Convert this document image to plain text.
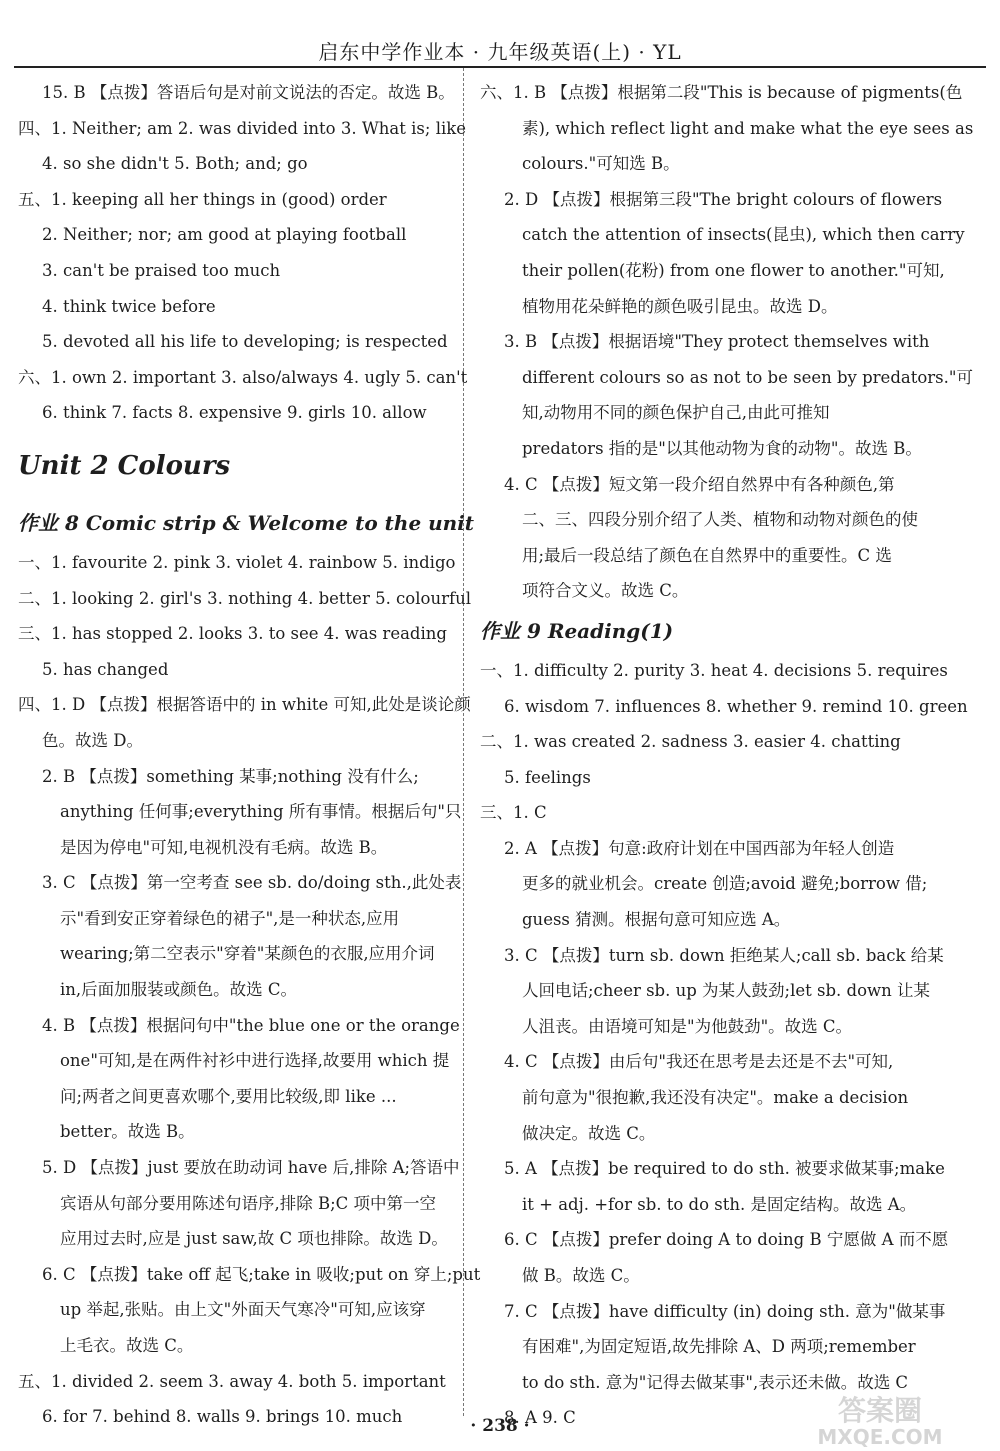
启东中学作业本 · 九年级英语(上) · YL
15. B 【点拨】答语后句是对前文说法的否定。故选 B。
四、1. Neither; am 2. was divided into 3. What is; like
4. so she didn't 5. Both; and; go
五、1. keeping all her things in (good) order
2. Neither; nor; am good at playing football
3. can't be praised too much
4. think twice before
5. devoted all his life to developing; is respected
六、1. own 2. important 3. also/always 4. ugly 5. can't
6. think 7. facts 8. expensive 9. girls 10. allow
Unit 2 Colours
作业 8 Comic strip & Welcome to the unit
一、1. favourite 2. pink 3. violet 4. rainbow 5. indigo
二、1. looking 2. girl's 3. nothing 4. better 5. colourful
三、1. has stopped 2. looks 3. to see 4. was reading
5. has changed
四、1. D 【点拨】根据答语中的 in white 可知,此处是谈论颜
色。故选 D。
2. B 【点拨】something 某事;nothing 没有什么;
anything 任何事;everything 所有事情。根据后句"只
是因为停电"可知,电视机没有毛病。故选 B。
3. C 【点拨】第一空考查 see sb. do/doing sth.,此处表
示"看到安正穿着绿色的裙子",是一种状态,应用
wearing;第二空表示"穿着"某颜色的衣服,应用介词
in,后面加服装或颜色。故选 C。
4. B 【点拨】根据问句中"the blue one or the orange
one"可知,是在两件衬衫中进行选择,故要用 which 提
问;两者之间更喜欢哪个,要用比较级,即 like ...
better。故选 B。
5. D 【点拨】just 要放在助动词 have 后,排除 A;答语中
宾语从句部分要用陈述句语序,排除 B;C 项中第一空
应用过去时,应是 just saw,故 C 项也排除。故选 D。
6. C 【点拨】take off 起飞;take in 吸收;put on 穿上;put
up 举起,张贴。由上文"外面天气寒冷"可知,应该穿
上毛衣。故选 C。
五、1. divided 2. seem 3. away 4. both 5. important
6. for 7. behind 8. walls 9. brings 10. much
六、1. B 【点拨】根据第二段"This is because of pigments(色
素), which reflect light and make what the eye sees as
colours."可知选 B。
2. D 【点拨】根据第三段"The bright colours of flowers
catch the attention of insects(昆虫), which then carry
their pollen(花粉) from one flower to another."可知,
植物用花朵鲜艳的颜色吸引昆虫。故选 D。
3. B 【点拨】根据语境"They protect themselves with
different colours so as not to be seen by predators."可
知,动物用不同的颜色保护自己,由此可推知
predators 指的是"以其他动物为食的动物"。故选 B。
4. C 【点拨】短文第一段介绍自然界中有各种颜色,第
二、三、四段分别介绍了人类、植物和动物对颜色的使
用;最后一段总结了颜色在自然界中的重要性。C 选
项符合文义。故选 C。
作业 9 Reading(1)
一、1. difficulty 2. purity 3. heat 4. decisions 5. requires
6. wisdom 7. influences 8. whether 9. remind 10. green
二、1. was created 2. sadness 3. easier 4. chatting
5. feelings
三、1. C
2. A 【点拨】句意:政府计划在中国西部为年轻人创造
更多的就业机会。create 创造;avoid 避免;borrow 借;
guess 猜测。根据句意可知应选 A。
3. C 【点拨】turn sb. down 拒绝某人;call sb. back 给某
人回电话;cheer sb. up 为某人鼓劲;let sb. down 让某
人沮丧。由语境可知是"为他鼓劲"。故选 C。
4. C 【点拨】由后句"我还在思考是去还是不去"可知,
前句意为"很抱歉,我还没有决定"。make a decision
做决定。故选 C。
5. A 【点拨】be required to do sth. 被要求做某事;make
it + adj. +for sb. to do sth. 是固定结构。故选 A。
6. C 【点拨】prefer doing A to doing B 宁愿做 A 而不愿
做 B。故选 C。
7. C 【点拨】have difficulty (in) doing sth. 意为"做某事
有困难",为固定短语,故先排除 A、D 两项;remember
to do sth. 意为"记得去做某事",表示还未做。故选 C
8. A 9. C
· 238 ·	答案圈
MXQE.COM
